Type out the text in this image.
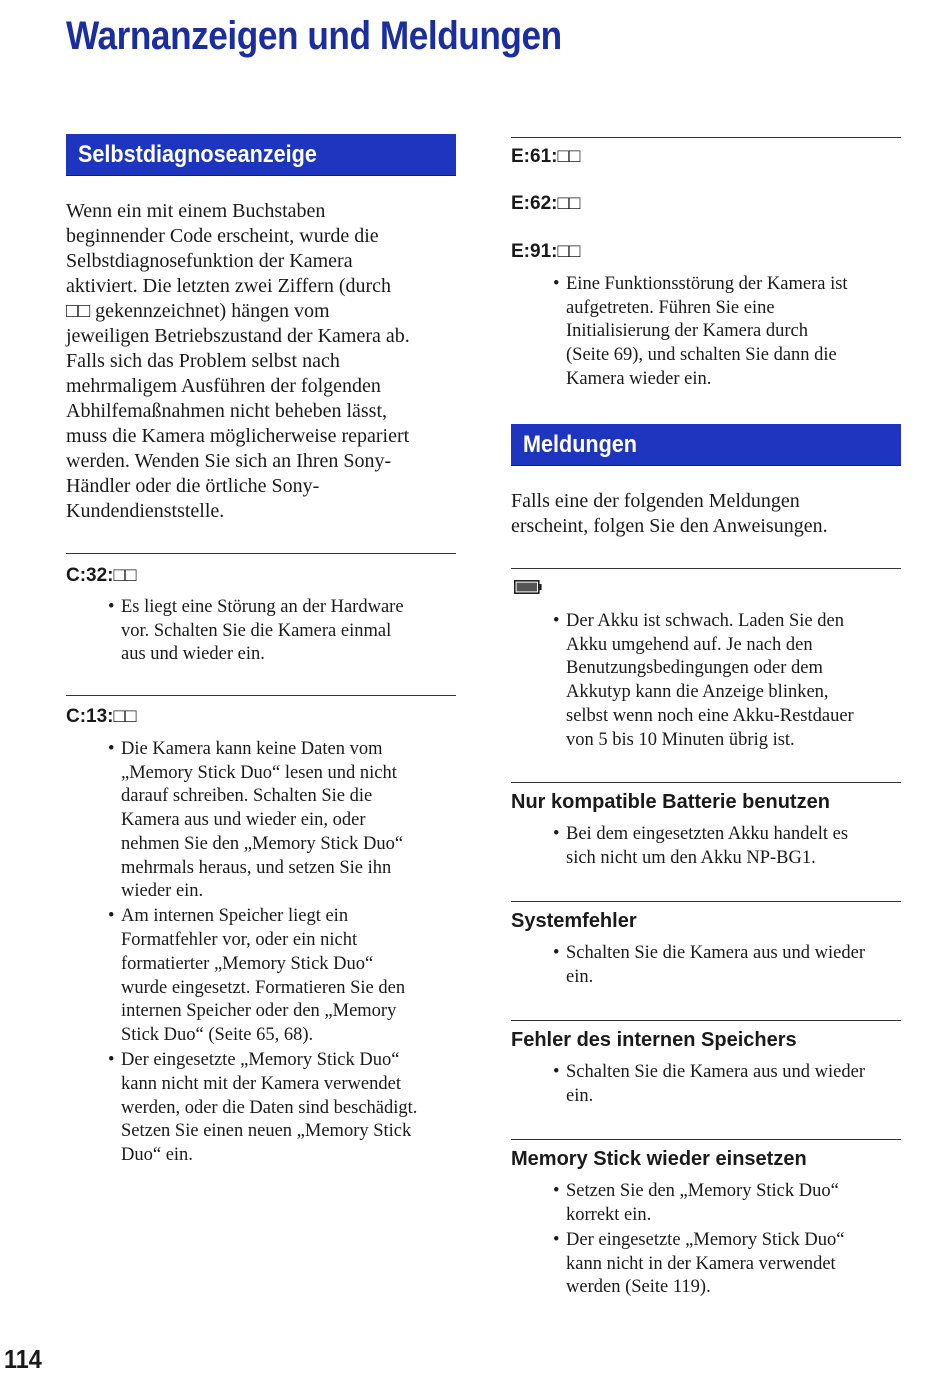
Warnanzeigen und Meldungen
Selbstdiagnoseanzeige

Wenn ein mit einem Buchstaben
beginnender Code erscheint, wurde die
Selbstdiagnosefunktion der Kamera
aktiviert. Die letzten zwei Ziffern (durch
□□ gekennzeichnet) hängen vom
jeweiligen Betriebszustand der Kamera ab.
Falls sich das Problem selbst nach
mehrmaligem Ausführen der folgenden
Abhilfemaßnahmen nicht beheben lässt,
muss die Kamera möglicherweise repariert
werden. Wenden Sie sich an Ihren Sony-
Händler oder die örtliche Sony-
Kundendienststelle.

C:32:□□

• Es liegt eine Störung an der Hardware
vor. Schalten Sie die Kamera einmal
aus und wieder ein.

C:13:□□

• Die Kamera kann keine Daten vom
„Memory Stick Duo“ lesen und nicht
darauf schreiben. Schalten Sie die
Kamera aus und wieder ein, oder
nehmen Sie den „Memory Stick Duo“
mehrmals heraus, und setzen Sie ihn
wieder ein.
• Am internen Speicher liegt ein
Formatfehler vor, oder ein nicht
formatierter „Memory Stick Duo“
wurde eingesetzt. Formatieren Sie den
internen Speicher oder den „Memory
Stick Duo“ (Seite 65, 68).
• Der eingesetzte „Memory Stick Duo“
kann nicht mit der Kamera verwendet
werden, oder die Daten sind beschädigt.
Setzen Sie einen neuen „Memory Stick
Duo“ ein.

E:61:□□

E:62:□□

E:91:□□

• Eine Funktionsstörung der Kamera ist
aufgetreten. Führen Sie eine
Initialisierung der Kamera durch
(Seite 69), und schalten Sie dann die
Kamera wieder ein.
Meldungen

Falls eine der folgenden Meldungen
erscheint, folgen Sie den Anweisungen.

• Der Akku ist schwach. Laden Sie den
Akku umgehend auf. Je nach den
Benutzungsbedingungen oder dem
Akkutyp kann die Anzeige blinken,
selbst wenn noch eine Akku-Restdauer
von 5 bis 10 Minuten übrig ist.

Nur kompatible Batterie benutzen

• Bei dem eingesetzten Akku handelt es
sich nicht um den Akku NP-BG1.

Systemfehler

• Schalten Sie die Kamera aus und wieder
ein.

Fehler des internen Speichers

• Schalten Sie die Kamera aus und wieder
ein.

Memory Stick wieder einsetzen

• Setzen Sie den „Memory Stick Duo“
korrekt ein.
• Der eingesetzte „Memory Stick Duo“
kann nicht in der Kamera verwendet
werden (Seite 119).

114
